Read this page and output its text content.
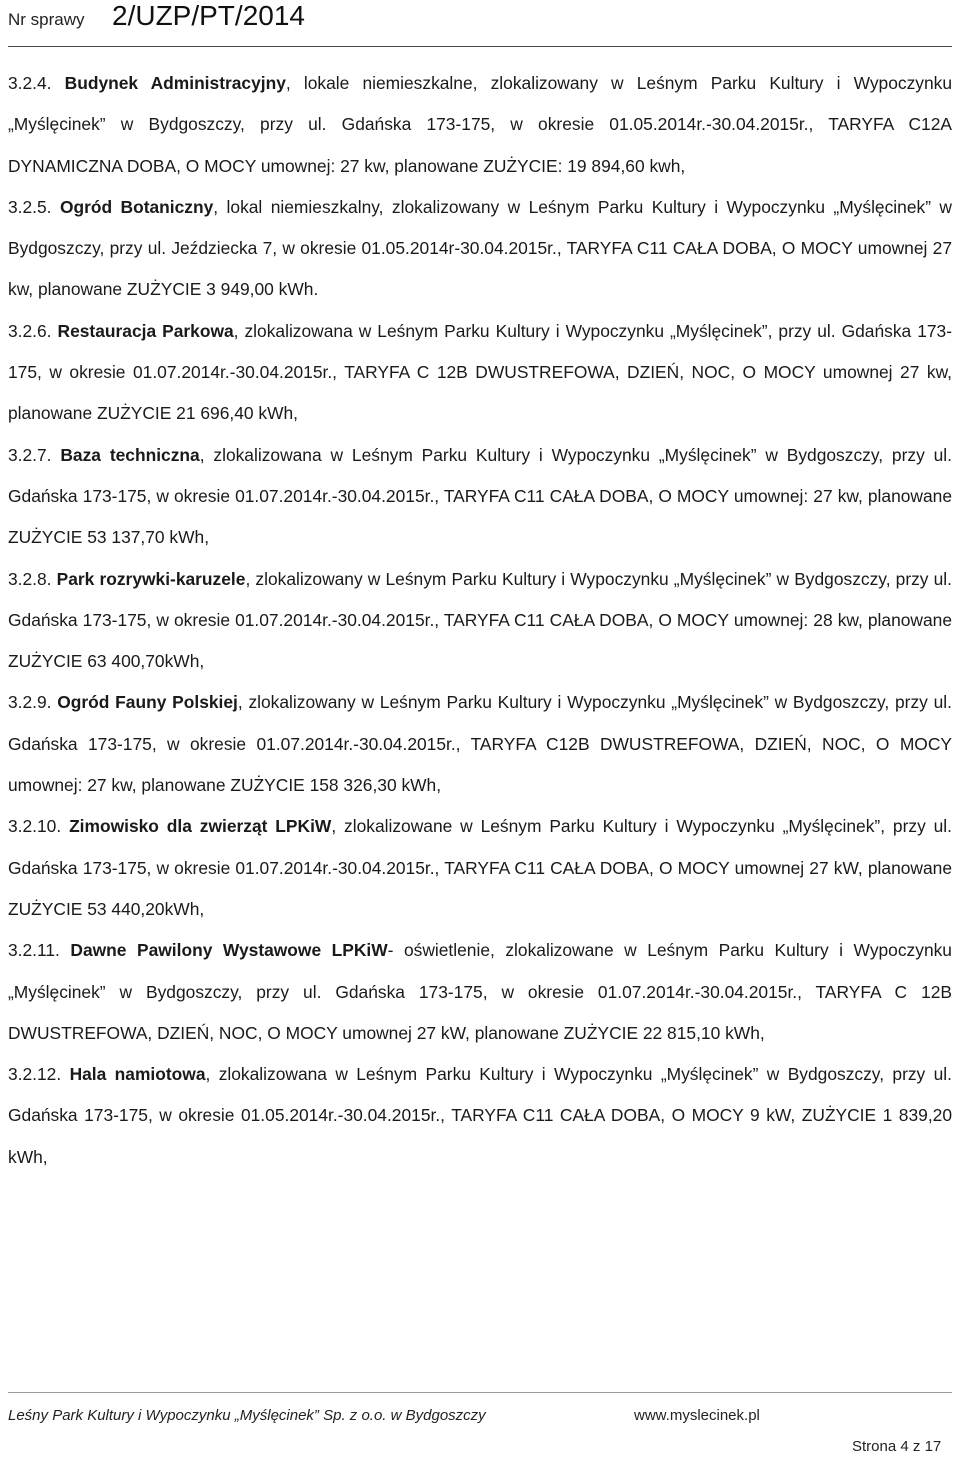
Nr sprawy 2/UZP/PT/2014

3.2.4. Budynek Administracyjny, lokale niemieszkalne, zlokalizowany w Leśnym Parku Kultury i Wypoczynku „Myślęcinek” w Bydgoszczy, przy ul. Gdańska 173-175, w okresie 01.05.2014r.-30.04.2015r., TARYFA C12A DYNAMICZNA DOBA, O MOCY umownej: 27 kw, planowane ZUŻYCIE: 19 894,60 kwh,

3.2.5. Ogród Botaniczny, lokal niemieszkalny, zlokalizowany w Leśnym Parku Kultury i Wypoczynku „Myślęcinek” w Bydgoszczy, przy ul. Jeździecka 7, w okresie 01.05.2014r-30.04.2015r., TARYFA C11 CAŁA DOBA, O MOCY umownej 27 kw, planowane ZUŻYCIE 3 949,00 kWh.

3.2.6. Restauracja Parkowa, zlokalizowana w Leśnym Parku Kultury i Wypoczynku „Myślęcinek”, przy ul. Gdańska 173-175, w okresie 01.07.2014r.-30.04.2015r., TARYFA C 12B DWUSTREFOWA, DZIEŃ, NOC, O MOCY umownej 27 kw, planowane ZUŻYCIE 21 696,40 kWh,

3.2.7. Baza techniczna, zlokalizowana w Leśnym Parku Kultury i Wypoczynku „Myślęcinek” w Bydgoszczy, przy ul. Gdańska 173-175, w okresie 01.07.2014r.-30.04.2015r., TARYFA C11 CAŁA DOBA, O MOCY umownej: 27 kw, planowane ZUŻYCIE 53 137,70 kWh,

3.2.8. Park rozrywki-karuzele, zlokalizowany w Leśnym Parku Kultury i Wypoczynku „Myślęcinek” w Bydgoszczy, przy ul. Gdańska 173-175, w okresie 01.07.2014r.-30.04.2015r., TARYFA C11 CAŁA DOBA, O MOCY umownej: 28 kw, planowane ZUŻYCIE 63 400,70kWh,

3.2.9. Ogród Fauny Polskiej, zlokalizowany w Leśnym Parku Kultury i Wypoczynku „Myślęcinek” w Bydgoszczy, przy ul. Gdańska 173-175, w okresie 01.07.2014r.-30.04.2015r., TARYFA C12B DWUSTREFOWA, DZIEŃ, NOC, O MOCY umownej: 27 kw, planowane ZUŻYCIE 158 326,30 kWh,

3.2.10. Zimowisko dla zwierząt LPKiW, zlokalizowane w Leśnym Parku Kultury i Wypoczynku „Myślęcinek”, przy ul. Gdańska 173-175, w okresie 01.07.2014r.-30.04.2015r., TARYFA C11 CAŁA DOBA, O MOCY umownej 27 kW, planowane ZUŻYCIE 53 440,20kWh,

3.2.11. Dawne Pawilony Wystawowe LPKiW- oświetlenie, zlokalizowane w Leśnym Parku Kultury i Wypoczynku „Myślęcinek” w Bydgoszczy, przy ul. Gdańska 173-175, w okresie 01.07.2014r.-30.04.2015r., TARYFA C 12B DWUSTREFOWA, DZIEŃ, NOC, O MOCY umownej 27 kW, planowane ZUŻYCIE 22 815,10 kWh,

3.2.12. Hala namiotowa, zlokalizowana w Leśnym Parku Kultury i Wypoczynku „Myślęcinek” w Bydgoszczy, przy ul. Gdańska 173-175, w okresie 01.05.2014r.-30.04.2015r., TARYFA C11 CAŁA DOBA, O MOCY 9 kW, ZUŻYCIE 1 839,20 kWh,

Leśny Park Kultury i Wypoczynku „Myślęcinek” Sp. z o.o. w Bydgoszczy	www.myslecinek.pl
Strona 4 z 17
